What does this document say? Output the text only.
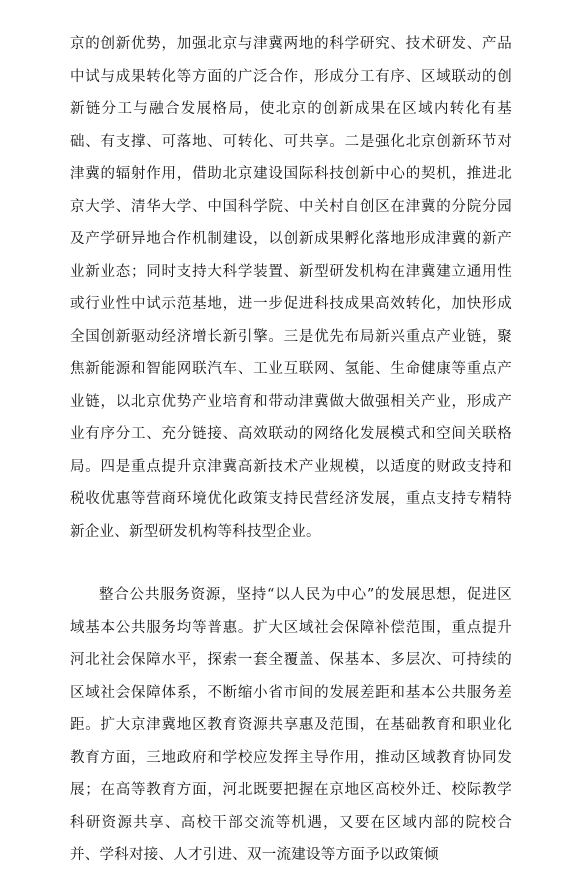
京的创新优势，加强北京与津冀两地的科学研究、技术研发、产品中试与成果转化等方面的广泛合作，形成分工有序、区域联动的创新链分工与融合发展格局，使北京的创新成果在区域内转化有基础、有支撑、可落地、可转化、可共享。二是强化北京创新环节对津冀的辐射作用，借助北京建设国际科技创新中心的契机，推进北京大学、清华大学、中国科学院、中关村自创区在津冀的分院分园及产学研异地合作机制建设，以创新成果孵化落地形成津冀的新产业新业态；同时支持大科学装置、新型研发机构在津冀建立通用性或行业性中试示范基地，进一步促进科技成果高效转化，加快形成全国创新驱动经济增长新引擎。三是优先布局新兴重点产业链，聚焦新能源和智能网联汽车、工业互联网、氢能、生命健康等重点产业链，以北京优势产业培育和带动津冀做大做强相关产业，形成产业有序分工、充分链接、高效联动的网络化发展模式和空间关联格局。四是重点提升京津冀高新技术产业规模，以适度的财政支持和税收优惠等营商环境优化政策支持民营经济发展，重点支持专精特新企业、新型研发机构等科技型企业。

整合公共服务资源，坚持“以人民为中心”的发展思想，促进区域基本公共服务均等普惠。扩大区域社会保障补偿范围，重点提升河北社会保障水平，探索一套全覆盖、保基本、多层次、可持续的区域社会保障体系，不断缩小省市间的发展差距和基本公共服务差距。扩大京津冀地区教育资源共享惠及范围，在基础教育和职业化教育方面，三地政府和学校应发挥主导作用，推动区域教育协同发展；在高等教育方面，河北既要把握在京地区高校外迁、校际教学科研资源共享、高校干部交流等机遇，又要在区域内部的院校合并、学科对接、人才引进、双一流建设等方面予以政策倾
